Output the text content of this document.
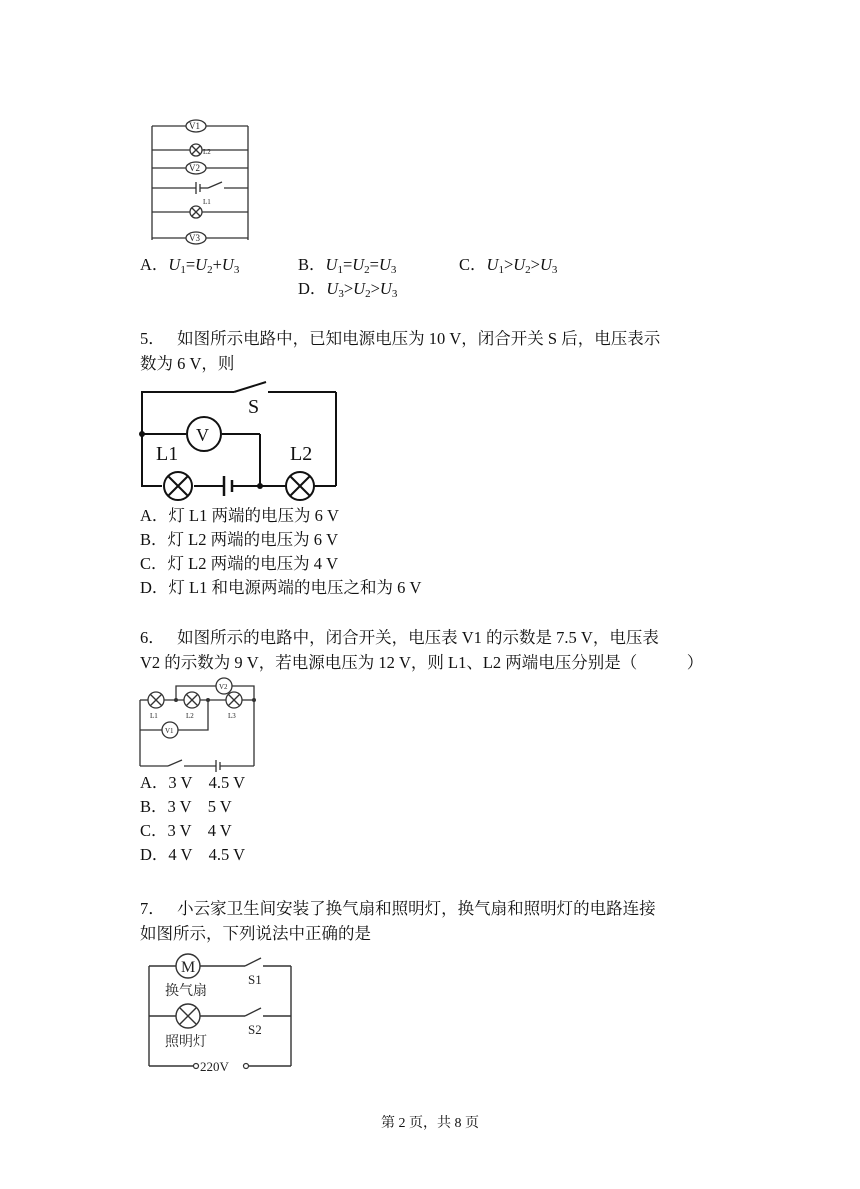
V1
L2
V2
L1
V3
A．$U_1=U_2+U_3$	B．$U_1=U_2=U_3$	C．$U_1>U_2>U_3$
D．$U_3>U_2>U_3$
5． 如图所示电路中，已知电源电压为 10 V，闭合开关 S 后，电压表示
数为 6 V，则
S
V
L1	L2
A．灯 L1 两端的电压为 6 V
B．灯 L2 两端的电压为 6 V
C．灯 L2 两端的电压为 4 V
D．灯 L1 和电源两端的电压之和为 6 V
6． 如图所示的电路中，闭合开关，电压表 V1 的示数是 7.5 V，电压表
V2 的示数为 9 V，若电源电压为 12 V，则 L1、L2 两端电压分别是（　　　）
V2
V1
L1	L2	L3
A．3 V　4.5 V
B．3 V　5 V
C．3 V　4 V
D．4 V　4.5 V
7． 小云家卫生间安装了换气扇和照明灯，换气扇和照明灯的电路连接
如图所示，下列说法中正确的是
M
换气扇
照明灯
S1
S2
220V
第 2 页，共 8 页
